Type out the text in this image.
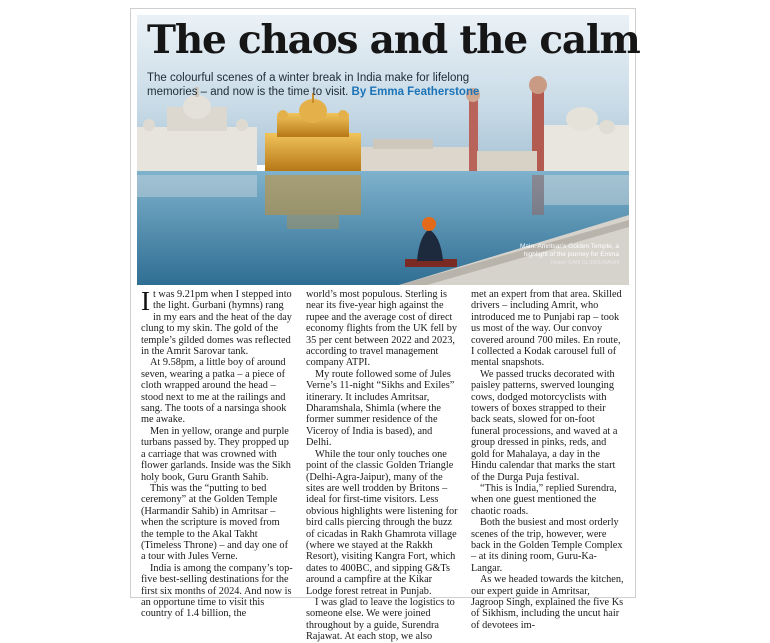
The chaos and the calm

The colourful scenes of a winter break in India make for lifelong memories – and now is the time to visit. By Emma Featherstone

Main: Amritsar’s Golden Temple, a highlight of the journey for Emma (Inset) DAN GLINDEMANN

It was 9.21pm when I stepped into the light. Gurbani (hymns) rang in my ears and the heat of the day clung to my skin. The gold of the temple’s gilded domes was reflected in the Amrit Sarovar tank.

At 9.58pm, a little boy of around seven, wearing a patka – a piece of cloth wrapped around the head – stood next to me at the railings and sang. The toots of a narsinga shook me awake.

Men in yellow, orange and purple turbans passed by. They propped up a carriage that was crowned with flower garlands. Inside was the Sikh holy book, Guru Granth Sahib.

This was the “putting to bed ceremony” at the Golden Temple (Harmandir Sahib) in Amritsar – when the scripture is moved from the temple to the Akal Takht (Timeless Throne) – and day one of a tour with Jules Verne.

India is among the company’s top-five best-selling destinations for the first six months of 2024. And now is an opportune time to visit this country of 1.4 billion, the

world’s most populous. Sterling is near its five-year high against the rupee and the average cost of direct economy flights from the UK fell by 35 per cent between 2022 and 2023, according to travel management company ATPI.

My route followed some of Jules Verne’s 11-night “Sikhs and Exiles” itinerary. It includes Amritsar, Dharamshala, Shimla (where the former summer residence of the Viceroy of India is based), and Delhi.

While the tour only touches one point of the classic Golden Triangle (Delhi-Agra-Jaipur), many of the sites are well trodden by Britons – ideal for first-time visitors. Less obvious highlights were listening for bird calls piercing through the buzz of cicadas in Rakh Ghamrota village (where we stayed at the Rakkh Resort), visiting Kangra Fort, which dates to 400BC, and sipping G&Ts around a campfire at the Kikar Lodge forest retreat in Punjab.

I was glad to leave the logistics to someone else. We were joined throughout by a guide, Surendra Rajawat. At each stop, we also

met an expert from that area. Skilled drivers – including Amrit, who introduced me to Punjabi rap – took us most of the way. Our convoy covered around 700 miles. En route, I collected a Kodak carousel full of mental snapshots.

We passed trucks decorated with paisley patterns, swerved lounging cows, dodged motorcyclists with towers of boxes strapped to their back seats, slowed for on-foot funeral processions, and waved at a group dressed in pinks, reds, and gold for Mahalaya, a day in the Hindu calendar that marks the start of the Durga Puja festival.

“This is India,” replied Surendra, when one guest mentioned the chaotic roads.

Both the busiest and most orderly scenes of the trip, however, were back in the Golden Temple Complex – at its dining room, Guru-Ka-Langar.

As we headed towards the kitchen, our expert guide in Amritsar, Jagroop Singh, explained the five Ks of Sikhism, including the uncut hair of devotees im-
